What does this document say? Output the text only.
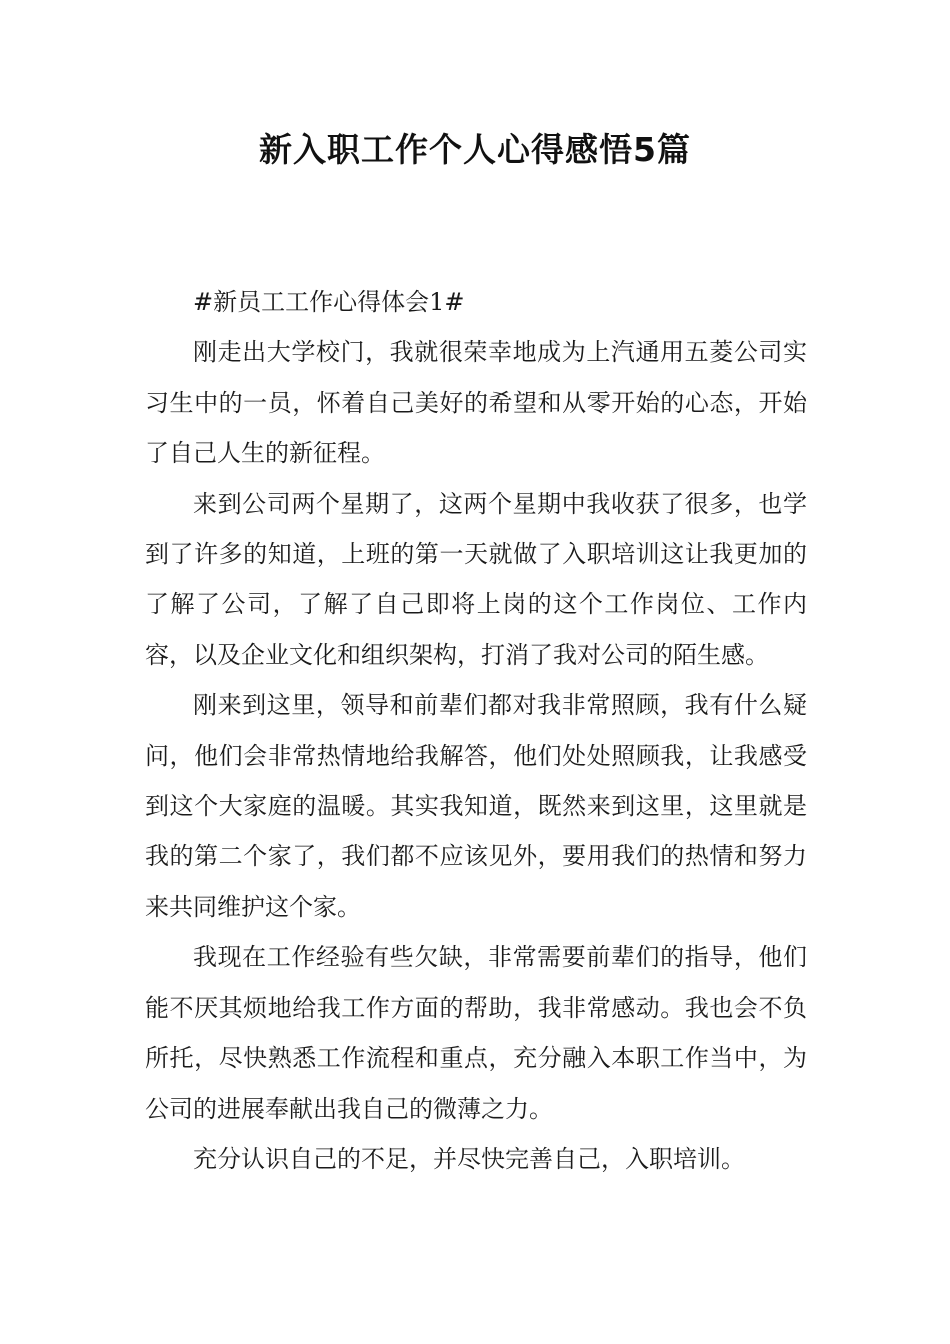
新入职工作个人心得感悟5篇

#新员工工作心得体会1#

刚走出大学校门，我就很荣幸地成为上汽通用五菱公司实习生中的一员，怀着自己美好的希望和从零开始的心态，开始了自己人生的新征程。

来到公司两个星期了，这两个星期中我收获了很多，也学到了许多的知道，上班的第一天就做了入职培训这让我更加的了解了公司，了解了自己即将上岗的这个工作岗位、工作内容，以及企业文化和组织架构，打消了我对公司的陌生感。

刚来到这里，领导和前辈们都对我非常照顾，我有什么疑问，他们会非常热情地给我解答，他们处处照顾我，让我感受到这个大家庭的温暖。其实我知道，既然来到这里，这里就是我的第二个家了，我们都不应该见外，要用我们的热情和努力来共同维护这个家。

我现在工作经验有些欠缺，非常需要前辈们的指导，他们能不厌其烦地给我工作方面的帮助，我非常感动。我也会不负所托，尽快熟悉工作流程和重点，充分融入本职工作当中，为公司的进展奉献出我自己的微薄之力。

充分认识自己的不足，并尽快完善自己，入职培训。
